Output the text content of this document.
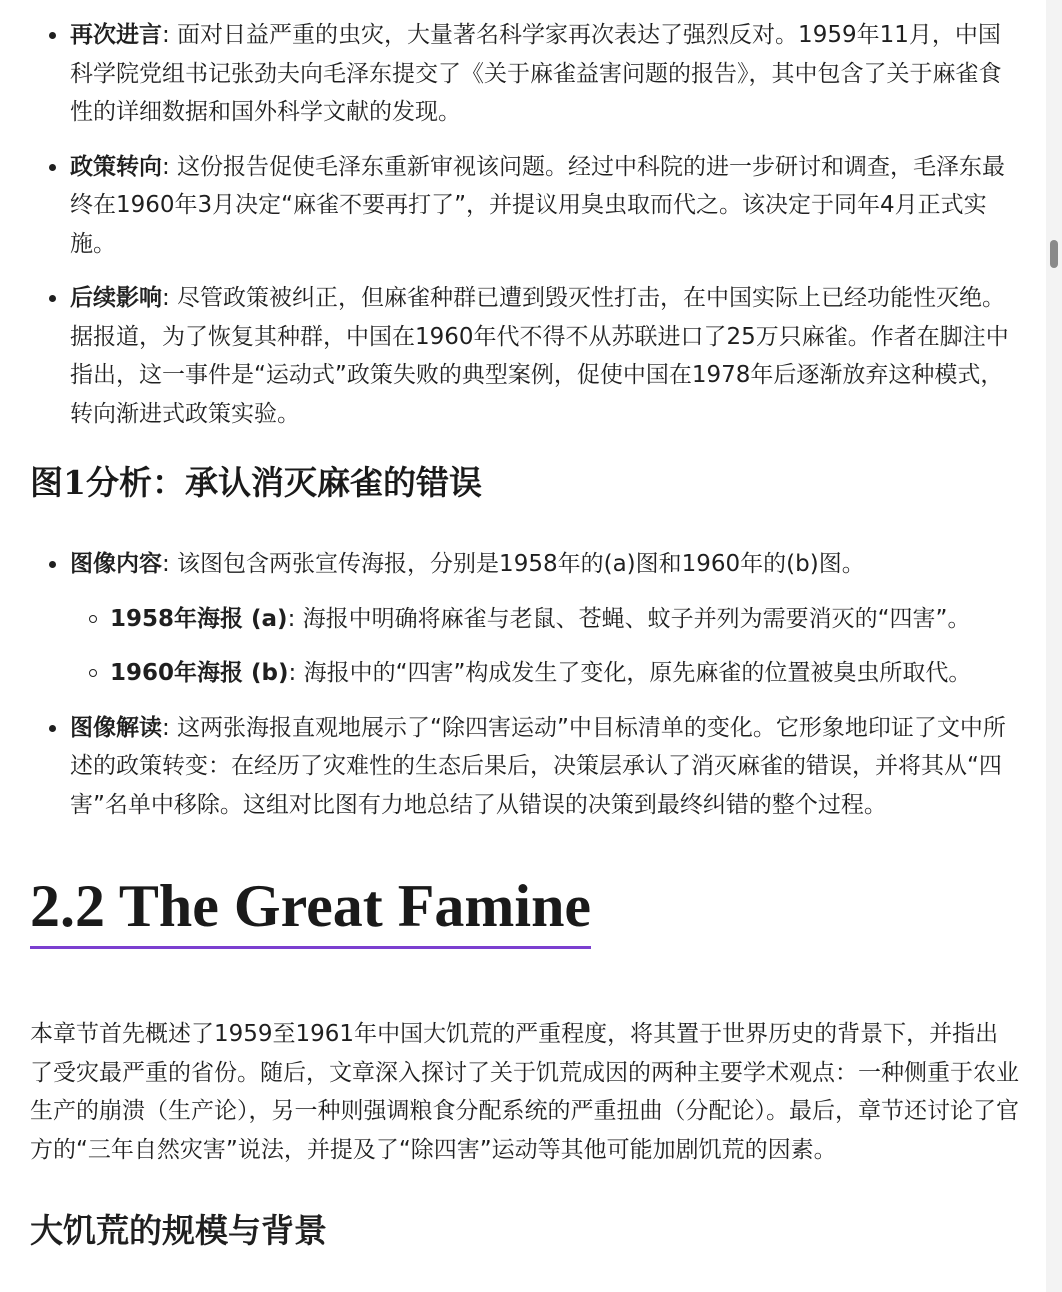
再次进言: 面对日益严重的虫灾，大量著名科学家再次表达了强烈反对。1959年11月，中国科学院党组书记张劲夫向毛泽东提交了《关于麻雀益害问题的报告》，其中包含了关于麻雀食性的详细数据和国外科学文献的发现。
政策转向: 这份报告促使毛泽东重新审视该问题。经过中科院的进一步研讨和调查，毛泽东最终在1960年3月决定“麻雀不要再打了”，并提议用臭虫取而代之。该决定于同年4月正式实施。
后续影响: 尽管政策被纠正，但麻雀种群已遭到毁灭性打击，在中国实际上已经功能性灭绝。据报道，为了恢复其种群，中国在1960年代不得不从苏联进口了25万只麻雀。作者在脚注中指出，这一事件是“运动式”政策失败的典型案例，促使中国在1978年后逐渐放弃这种模式，转向渐进式政策实验。
图1分析：承认消灭麻雀的错误
图像内容: 该图包含两张宣传海报，分别是1958年的(a)图和1960年的(b)图。
1958年海报 (a): 海报中明确将麻雀与老鼠、苍蝇、蚊子并列为需要消灭的“四害”。
1960年海报 (b): 海报中的“四害”构成发生了变化，原先麻雀的位置被臭虫所取代。
图像解读: 这两张海报直观地展示了“除四害运动”中目标清单的变化。它形象地印证了文中所述的政策转变：在经历了灾难性的生态后果后，决策层承认了消灭麻雀的错误，并将其从“四害”名单中移除。这组对比图有力地总结了从错误的决策到最终纠错的整个过程。
2.2 The Great Famine

本章节首先概述了1959至1961年中国大饥荒的严重程度，将其置于世界历史的背景下，并指出了受灾最严重的省份。随后，文章深入探讨了关于饥荒成因的两种主要学术观点：一种侧重于农业生产的崩溃（生产论），另一种则强调粮食分配系统的严重扭曲（分配论）。最后，章节还讨论了官方的“三年自然灾害”说法，并提及了“除四害”运动等其他可能加剧饥荒的因素。

大饥荒的规模与背景
